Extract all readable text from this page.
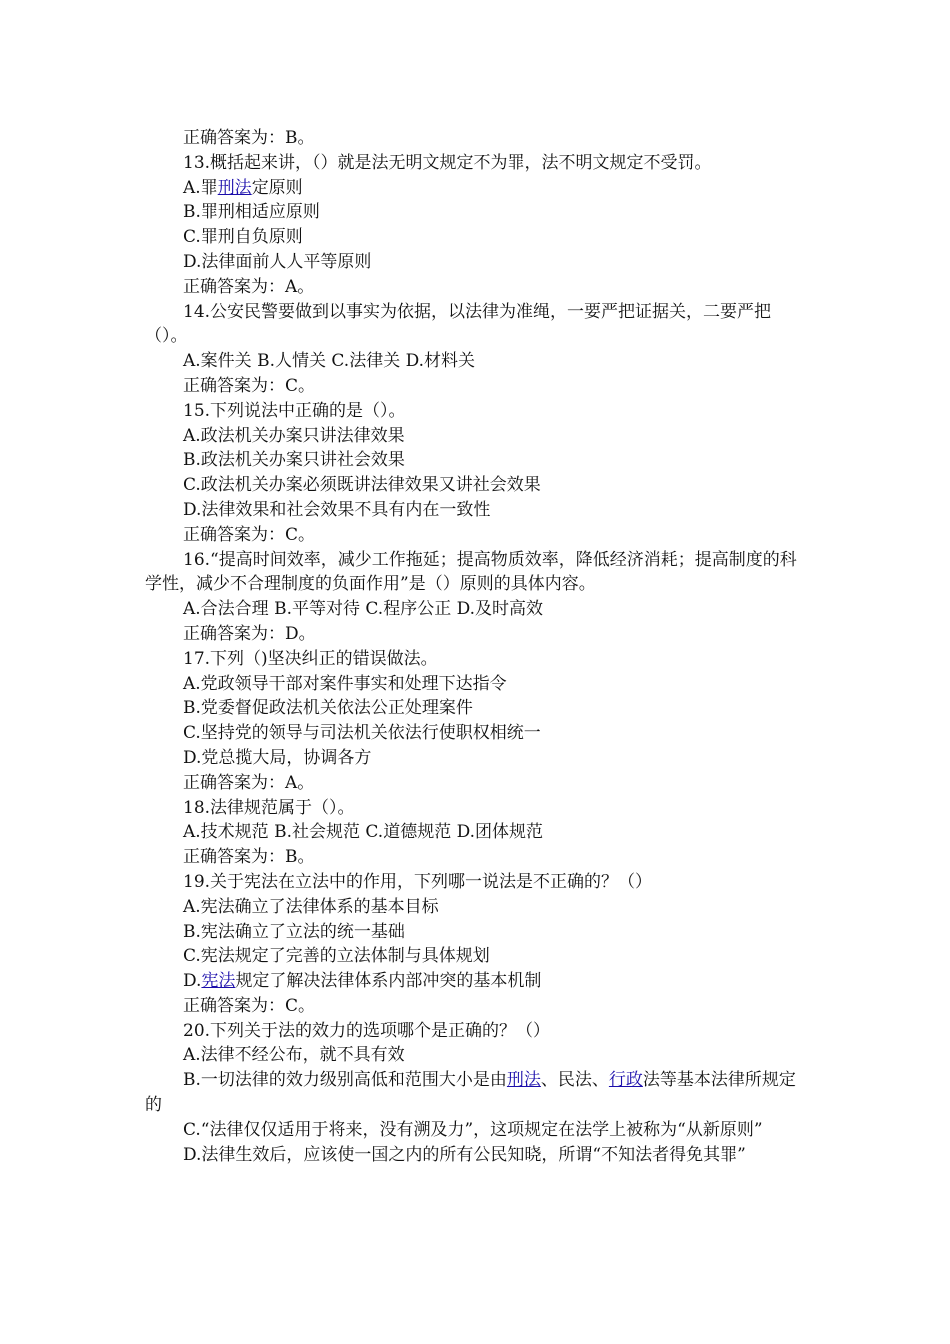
正确答案为：B。

13.概括起来讲，（）就是法无明文规定不为罪，法不明文规定不受罚。

A.罪刑法定原则

B.罪刑相适应原则

C.罪刑自负原则

D.法律面前人人平等原则

正确答案为：A。

14.公安民警要做到以事实为依据，以法律为准绳，一要严把证据关，二要严把（）。

A.案件关 B.人情关 C.法律关 D.材料关

正确答案为：C。

15.下列说法中正确的是（）。

A.政法机关办案只讲法律效果

B.政法机关办案只讲社会效果

C.政法机关办案必须既讲法律效果又讲社会效果

D.法律效果和社会效果不具有内在一致性

正确答案为：C。

16.“提高时间效率，减少工作拖延；提高物质效率，降低经济消耗；提高制度的科学性，减少不合理制度的负面作用”是（）原则的具体内容。

A.合法合理 B.平等对待 C.程序公正 D.及时高效

正确答案为：D。

17.下列（)坚决纠正的错误做法。

A.党政领导干部对案件事实和处理下达指令

B.党委督促政法机关依法公正处理案件

C.坚持党的领导与司法机关依法行使职权相统一

D.党总揽大局，协调各方

正确答案为：A。

18.法律规范属于（）。

A.技术规范 B.社会规范 C.道德规范 D.团体规范

正确答案为：B。

19.关于宪法在立法中的作用，下列哪一说法是不正确的？（）

A.宪法确立了法律体系的基本目标

B.宪法确立了立法的统一基础

C.宪法规定了完善的立法体制与具体规划

D.宪法规定了解决法律体系内部冲突的基本机制

正确答案为：C。

20.下列关于法的效力的选项哪个是正确的？（）

A.法律不经公布，就不具有效

B.一切法律的效力级别高低和范围大小是由刑法、民法、行政法等基本法律所规定的

C.“法律仅仅适用于将来，没有溯及力”，这项规定在法学上被称为“从新原则”

D.法律生效后，应该使一国之内的所有公民知晓，所谓“不知法者得免其罪”
